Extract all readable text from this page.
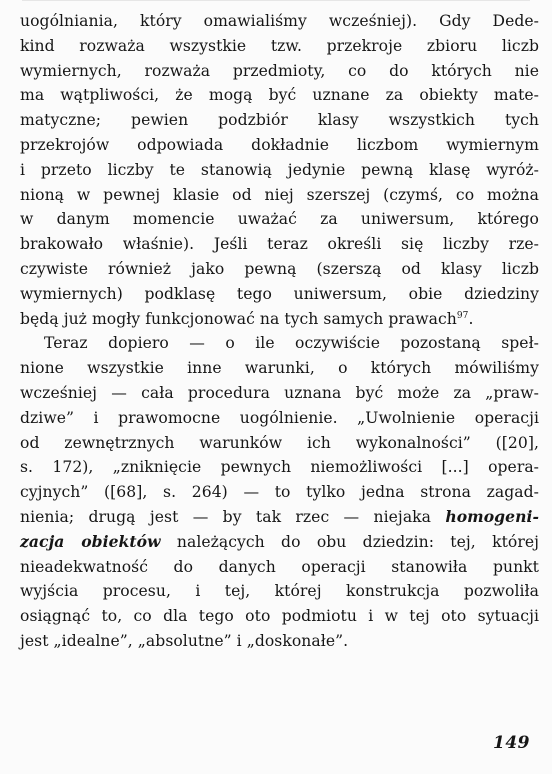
uogólniania, który omawialiśmy wcześniej). Gdy Dede-
kind rozważa wszystkie tzw. przekroje zbioru liczb
wymiernych, rozważa przedmioty, co do których nie
ma wątpliwości, że mogą być uznane za obiekty mate-
matyczne; pewien podzbiór klasy wszystkich tych
przekrojów odpowiada dokładnie liczbom wymiernym
i przeto liczby te stanowią jedynie pewną klasę wyróż-
nioną w pewnej klasie od niej szerszej (czymś, co można
w danym momencie uważać za uniwersum, którego
brakowało właśnie). Jeśli teraz określi się liczby rze-
czywiste również jako pewną (szerszą od klasy liczb
wymiernych) podklasę tego uniwersum, obie dziedziny
będą już mogły funkcjonować na tych samych prawach$^{97}$.
Teraz dopiero — o ile oczywiście pozostaną speł-
nione wszystkie inne warunki, o których mówiliśmy
wcześniej — cała procedura uznana być może za „praw-
dziwe” i prawomocne uogólnienie. „Uwolnienie operacji
od zewnętrznych warunków ich wykonalności” ([20],
s. 172), „zniknięcie pewnych niemożliwości [...] opera-
cyjnych” ([68], s. 264) — to tylko jedna strona zagad-
nienia; drugą jest — by tak rzec — niejaka homogeni-
zacja obiektów należących do obu dziedzin: tej, której
nieadekwatność do danych operacji stanowiła punkt
wyjścia procesu, i tej, której konstrukcja pozwoliła
osiągnąć to, co dla tego oto podmiotu i w tej oto sytuacji
jest „idealne”, „absolutne” i „doskonałe”.
149
